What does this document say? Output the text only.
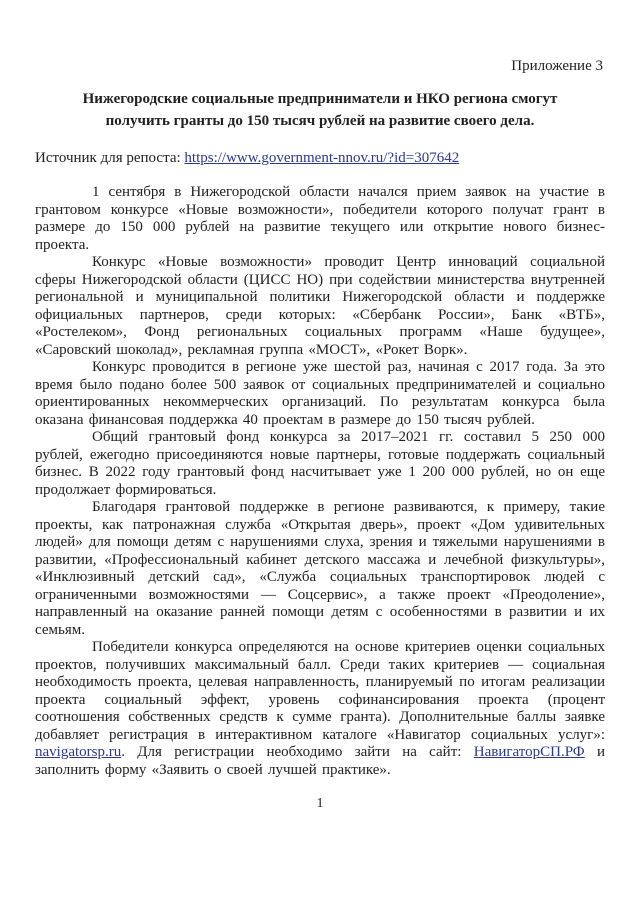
Приложение 3
Нижегородские социальные предприниматели и НКО региона смогут получить гранты до 150 тысяч рублей на развитие своего дела.
Источник для репоста: https://www.government-nnov.ru/?id=307642

1 сентября в Нижегородской области начался прием заявок на участие в грантовом конкурсе «Новые возможности», победители которого получат грант в размере до 150 000 рублей на развитие текущего или открытие нового бизнес-проекта.

Конкурс «Новые возможности» проводит Центр инноваций социальной сферы Нижегородской области (ЦИСС НО) при содействии министерства внутренней региональной и муниципальной политики Нижегородской области и поддержке официальных партнеров, среди которых: «Сбербанк России», Банк «ВТБ», «Ростелеком», Фонд региональных социальных программ «Наше будущее», «Саровский шоколад», рекламная группа «МОСТ», «Рокет Ворк».

Конкурс проводится в регионе уже шестой раз, начиная с 2017 года. За это время было подано более 500 заявок от социальных предпринимателей и социально ориентированных некоммерческих организаций. По результатам конкурса была оказана финансовая поддержка 40 проектам в размере до 150 тысяч рублей.

Общий грантовый фонд конкурса за 2017–2021 гг. составил 5 250 000 рублей, ежегодно присоединяются новые партнеры, готовые поддержать социальный бизнес. В 2022 году грантовый фонд насчитывает уже 1 200 000 рублей, но он еще продолжает формироваться.

Благодаря грантовой поддержке в регионе развиваются, к примеру, такие проекты, как патронажная служба «Открытая дверь», проект «Дом удивительных людей» для помощи детям с нарушениями слуха, зрения и тяжелыми нарушениями в развитии, «Профессиональный кабинет детского массажа и лечебной физкультуры», «Инклюзивный детский сад», «Служба социальных транспортировок людей с ограниченными возможностями — Соцсервис», а также проект «Преодоление», направленный на оказание ранней помощи детям с особенностями в развитии и их семьям.

Победители конкурса определяются на основе критериев оценки социальных проектов, получивших максимальный балл. Среди таких критериев — социальная необходимость проекта, целевая направленность, планируемый по итогам реализации проекта социальный эффект, уровень софинансирования проекта (процент соотношения собственных средств к сумме гранта). Дополнительные баллы заявке добавляет регистрация в интерактивном каталоге «Навигатор социальных услуг»: navigatorsp.ru. Для регистрации необходимо зайти на сайт: НавигаторСП.РФ и заполнить форму «Заявить о своей лучшей практике».

1
